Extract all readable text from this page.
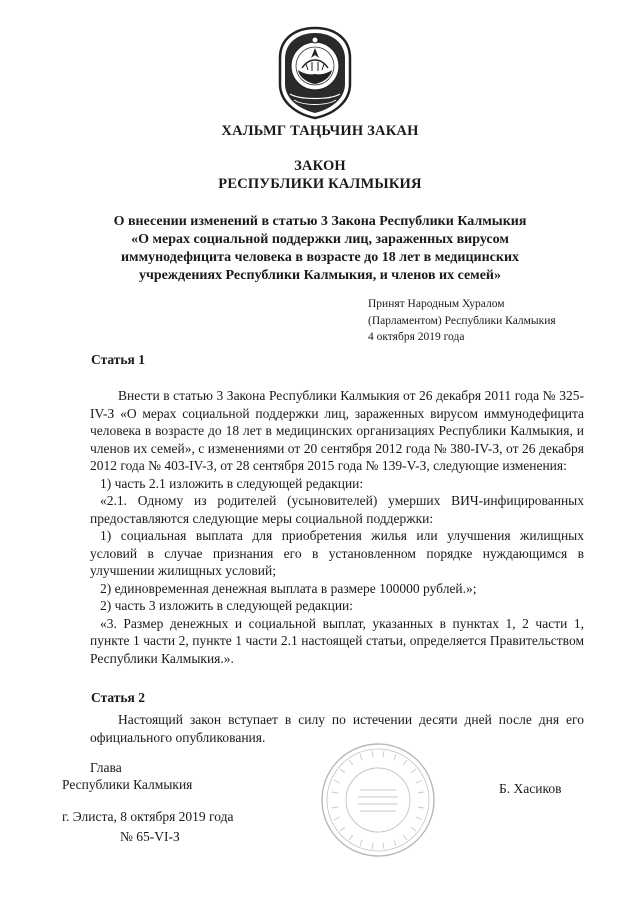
ХАЛЬМГ ТАҢЬЧИН ЗАКАН
ЗАКОН
РЕСПУБЛИКИ КАЛМЫКИЯ
О внесении изменений в статью 3 Закона Республики Калмыкия
«О мерах социальной поддержки лиц, зараженных вирусом
иммунодефицита человека в возрасте до 18 лет в медицинских
учреждениях Республики Калмыкия, и членов их семей»
Принят Народным Хуралом
(Парламентом) Республики Калмыкия
4 октября 2019 года
Статья 1

Внести в статью 3 Закона Республики Калмыкия от 26 декабря 2011 года № 325-IV-З «О мерах социальной поддержки лиц, зараженных вирусом иммунодефицита человека в возрасте до 18 лет в медицинских организациях Республики Калмыкия, и членов их семей», с изменениями от 20 сентября 2012 года № 380-IV-З, от 26 декабря 2012 года № 403-IV-З, от 28 сентября 2015 года № 139-V-З, следующие изменения:

1) часть 2.1 изложить в следующей редакции:

«2.1. Одному из родителей (усыновителей) умерших ВИЧ-инфицированных предоставляются следующие меры социальной поддержки:

1) социальная выплата для приобретения жилья или улучшения жилищных условий в случае признания его в установленном порядке нуждающимся в улучшении жилищных условий;

2) единовременная денежная выплата в размере 100000 рублей.»;

2) часть 3 изложить в следующей редакции:

«3. Размер денежных и социальной выплат, указанных в пунктах 1, 2 части 1, пункте 1 части 2, пункте 1 части 2.1 настоящей статьи, определяется Правительством Республики Калмыкия.».

Статья 2

Настоящий закон вступает в силу по истечении десяти дней после дня его официального опубликования.

Глава
Республики Калмыкия	Б. Хасиков
г. Элиста, 8 октября 2019 года
№ 65-VI-З
